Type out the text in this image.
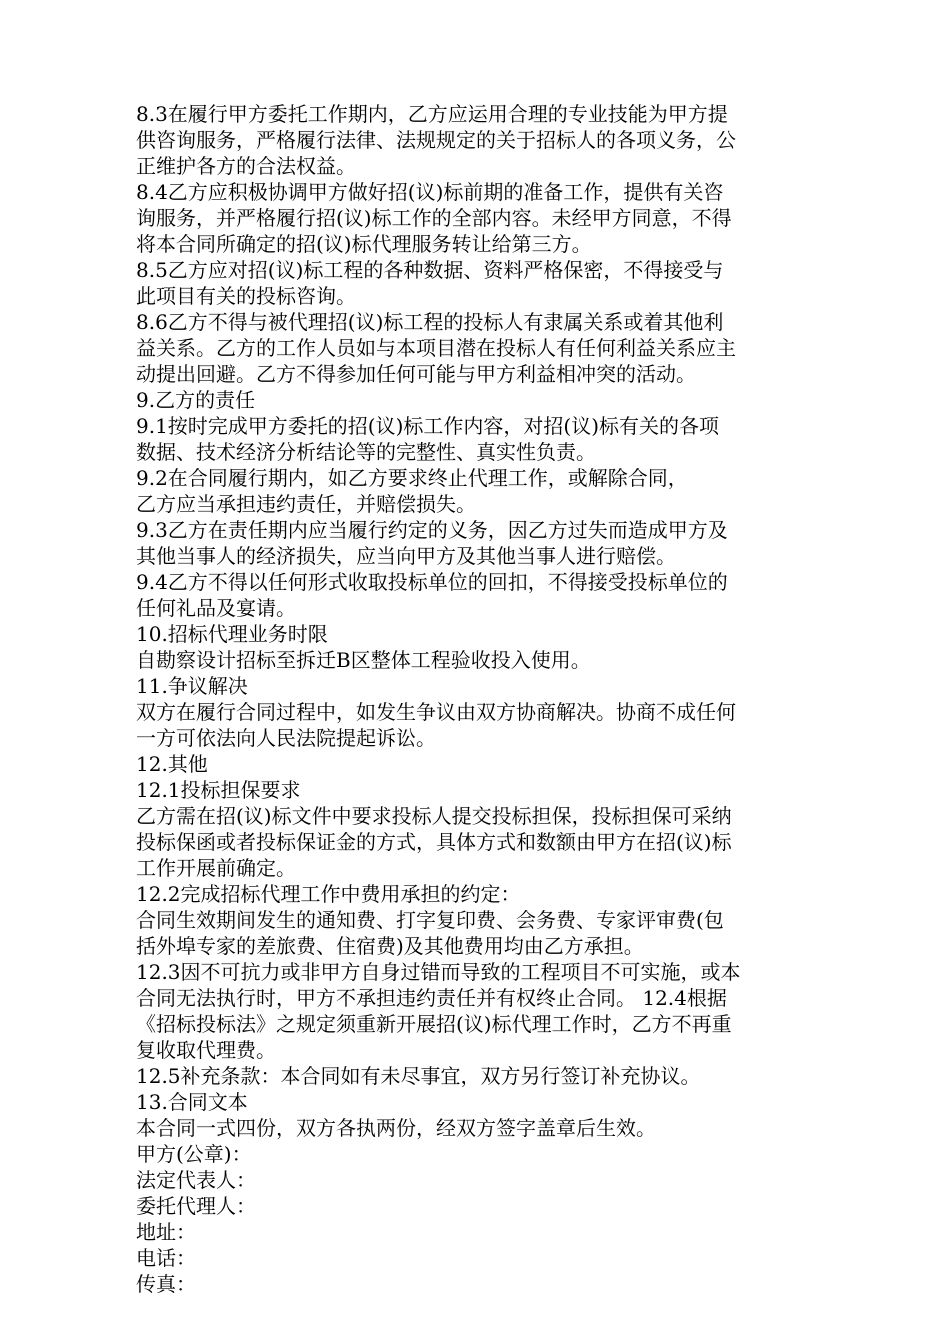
8.3在履行甲方委托工作期内，乙方应运用合理的专业技能为甲方提
供咨询服务，严格履行法律、法规规定的关于招标人的各项义务，公
正维护各方的合法权益。
8.4乙方应积极协调甲方做好招(议)标前期的准备工作，提供有关咨
询服务，并严格履行招(议)标工作的全部内容。未经甲方同意，不得
将本合同所确定的招(议)标代理服务转让给第三方。
8.5乙方应对招(议)标工程的各种数据、资料严格保密，不得接受与
此项目有关的投标咨询。
8.6乙方不得与被代理招(议)标工程的投标人有隶属关系或着其他利
益关系。乙方的工作人员如与本项目潜在投标人有任何利益关系应主
动提出回避。乙方不得参加任何可能与甲方利益相冲突的活动。
9.乙方的责任
9.1按时完成甲方委托的招(议)标工作内容，对招(议)标有关的各项
数据、技术经济分析结论等的完整性、真实性负责。
9.2在合同履行期内，如乙方要求终止代理工作，或解除合同，
乙方应当承担违约责任，并赔偿损失。
9.3乙方在责任期内应当履行约定的义务，因乙方过失而造成甲方及
其他当事人的经济损失，应当向甲方及其他当事人进行赔偿。
9.4乙方不得以任何形式收取投标单位的回扣，不得接受投标单位的
任何礼品及宴请。
10.招标代理业务时限
自勘察设计招标至拆迁B区整体工程验收投入使用。
11.争议解决
双方在履行合同过程中，如发生争议由双方协商解决。协商不成任何
一方可依法向人民法院提起诉讼。
12.其他
12.1投标担保要求
乙方需在招(议)标文件中要求投标人提交投标担保，投标担保可采纳
投标保函或者投标保证金的方式，具体方式和数额由甲方在招(议)标
工作开展前确定。
12.2完成招标代理工作中费用承担的约定：
合同生效期间发生的通知费、打字复印费、会务费、专家评审费(包
括外埠专家的差旅费、住宿费)及其他费用均由乙方承担。
12.3因不可抗力或非甲方自身过错而导致的工程项目不可实施，或本
合同无法执行时，甲方不承担违约责任并有权终止合同。 12.4根据
《招标投标法》之规定须重新开展招(议)标代理工作时，乙方不再重
复收取代理费。
12.5补充条款：本合同如有未尽事宜，双方另行签订补充协议。
13.合同文本
本合同一式四份，双方各执两份，经双方签字盖章后生效。
甲方(公章)：
法定代表人：
委托代理人：
地址：
电话：
传真：
